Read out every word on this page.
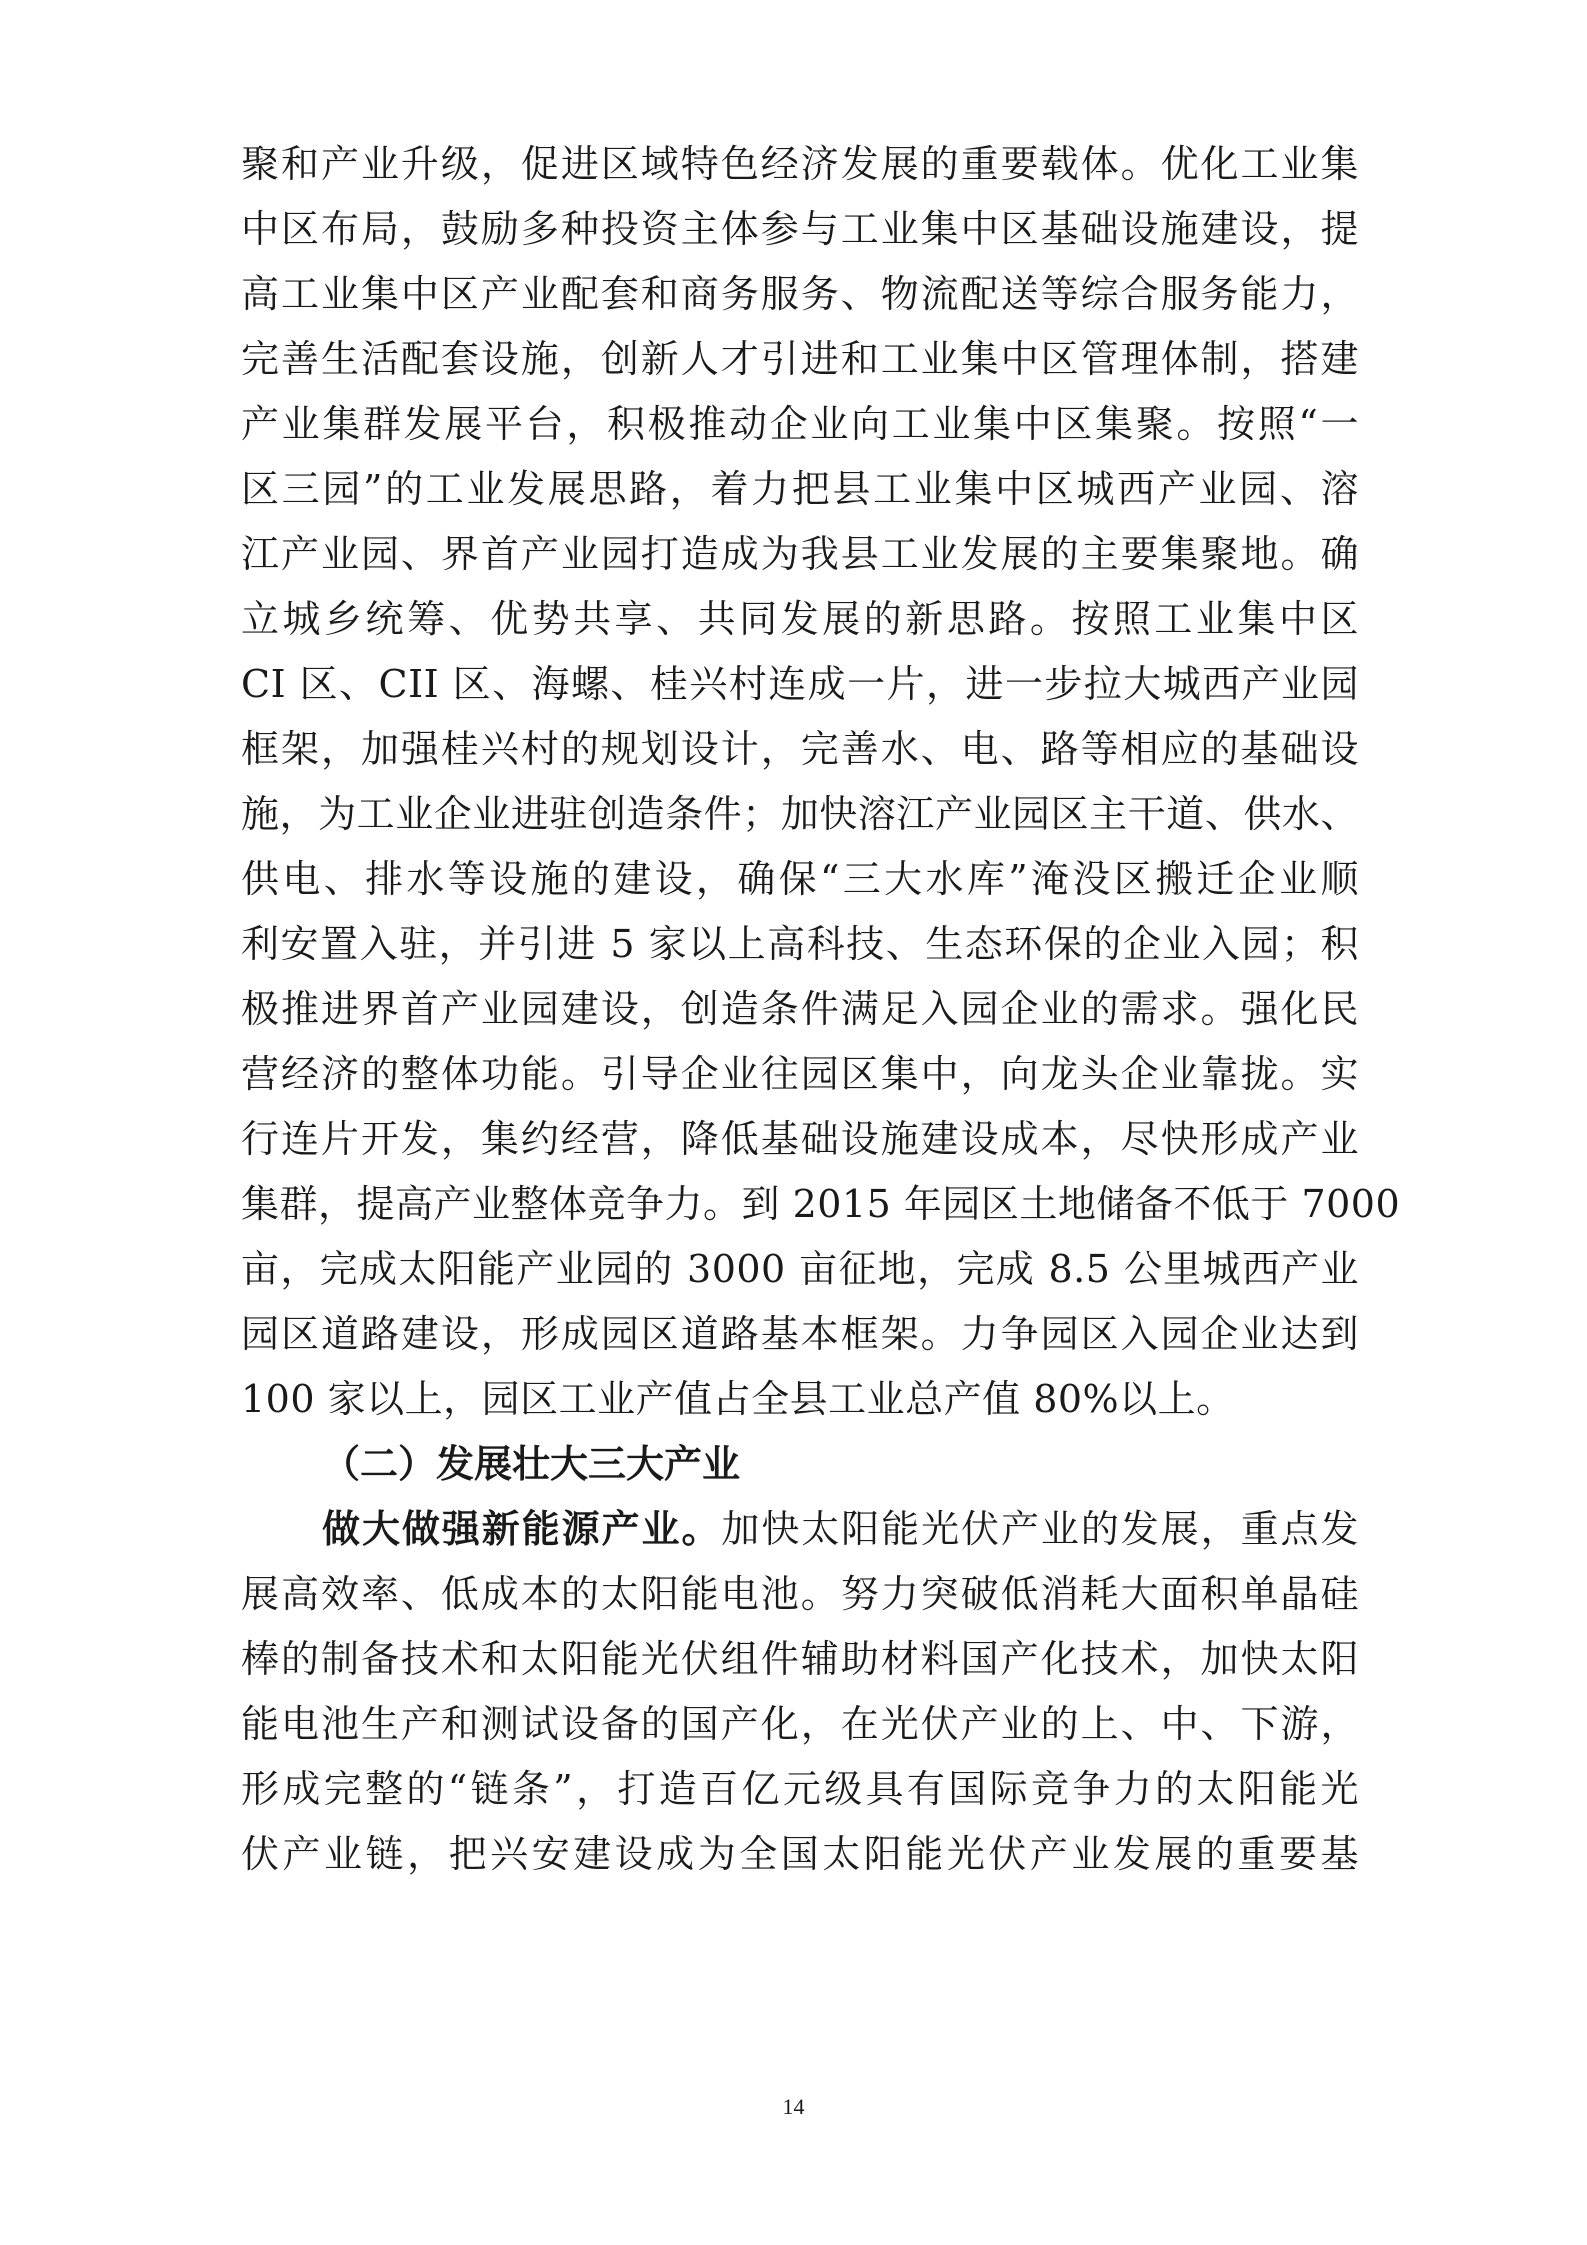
聚和产业升级，促进区域特色经济发展的重要载体。优化工业集
中区布局，鼓励多种投资主体参与工业集中区基础设施建设，提
高工业集中区产业配套和商务服务、物流配送等综合服务能力，
完善生活配套设施，创新人才引进和工业集中区管理体制，搭建
产业集群发展平台，积极推动企业向工业集中区集聚。按照“一
区三园”的工业发展思路，着力把县工业集中区城西产业园、溶
江产业园、界首产业园打造成为我县工业发展的主要集聚地。确
立城乡统筹、优势共享、共同发展的新思路。按照工业集中区
CI 区、CII 区、海螺、桂兴村连成一片，进一步拉大城西产业园
框架，加强桂兴村的规划设计，完善水、电、路等相应的基础设
施，为工业企业进驻创造条件；加快溶江产业园区主干道、供水、
供电、排水等设施的建设，确保“三大水库”淹没区搬迁企业顺
利安置入驻，并引进 5 家以上高科技、生态环保的企业入园；积
极推进界首产业园建设，创造条件满足入园企业的需求。强化民
营经济的整体功能。引导企业往园区集中，向龙头企业靠拢。实
行连片开发，集约经营，降低基础设施建设成本，尽快形成产业
集群，提高产业整体竞争力。到 2015 年园区土地储备不低于 7000
亩，完成太阳能产业园的 3000 亩征地，完成 8.5 公里城西产业
园区道路建设，形成园区道路基本框架。力争园区入园企业达到
100 家以上，园区工业产值占全县工业总产值 80%以上。
（二）发展壮大三大产业
做大做强新能源产业。加快太阳能光伏产业的发展，重点发
展高效率、低成本的太阳能电池。努力突破低消耗大面积单晶硅
棒的制备技术和太阳能光伏组件辅助材料国产化技术，加快太阳
能电池生产和测试设备的国产化，在光伏产业的上、中、下游，
形成完整的“链条”，打造百亿元级具有国际竞争力的太阳能光
伏产业链，把兴安建设成为全国太阳能光伏产业发展的重要基
14
